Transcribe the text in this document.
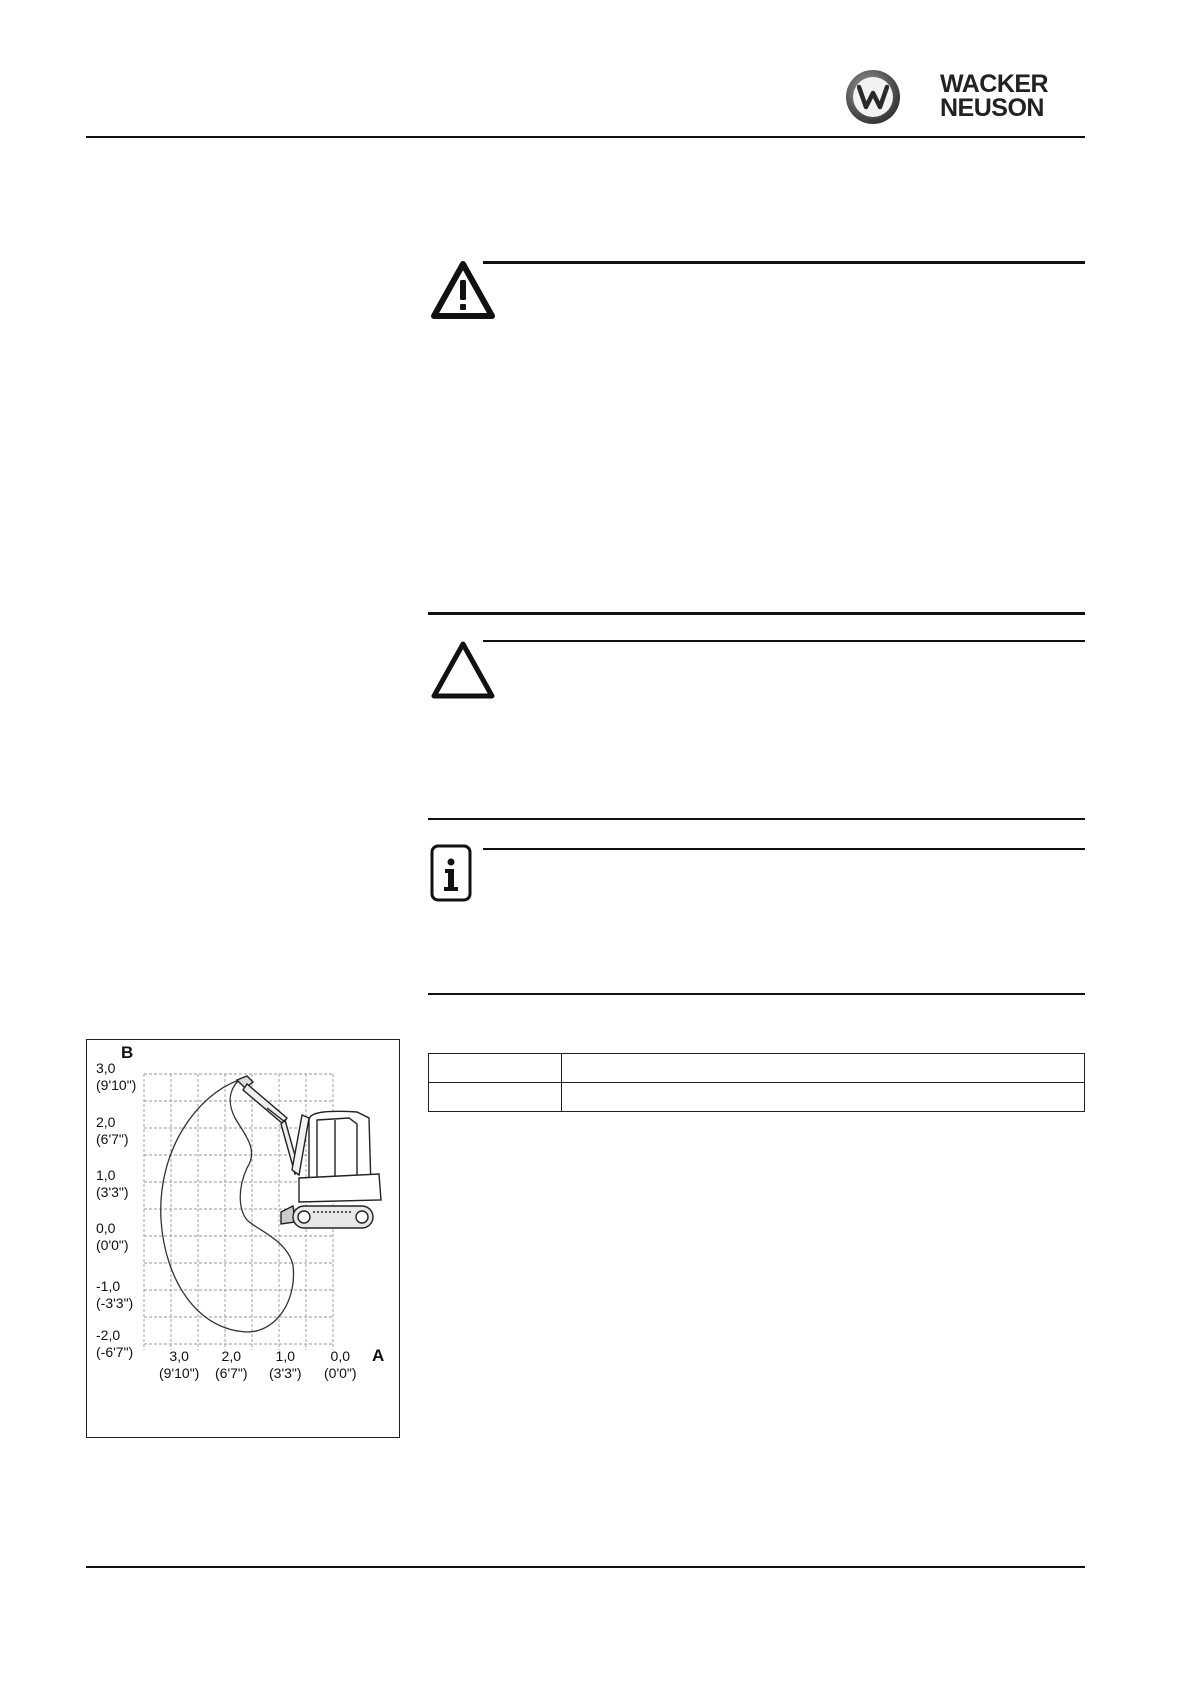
WACKER
NEUSON
B
A
3,0
(9'10")
2,0
(6'7")
1,0
(3'3")
0,0
(0'0")
-1,0
(-3'3")
-2,0
(-6'7")	3,0
(9'10")
2,0
(6'7")
1,0
(3'3")
0,0
(0'0")
